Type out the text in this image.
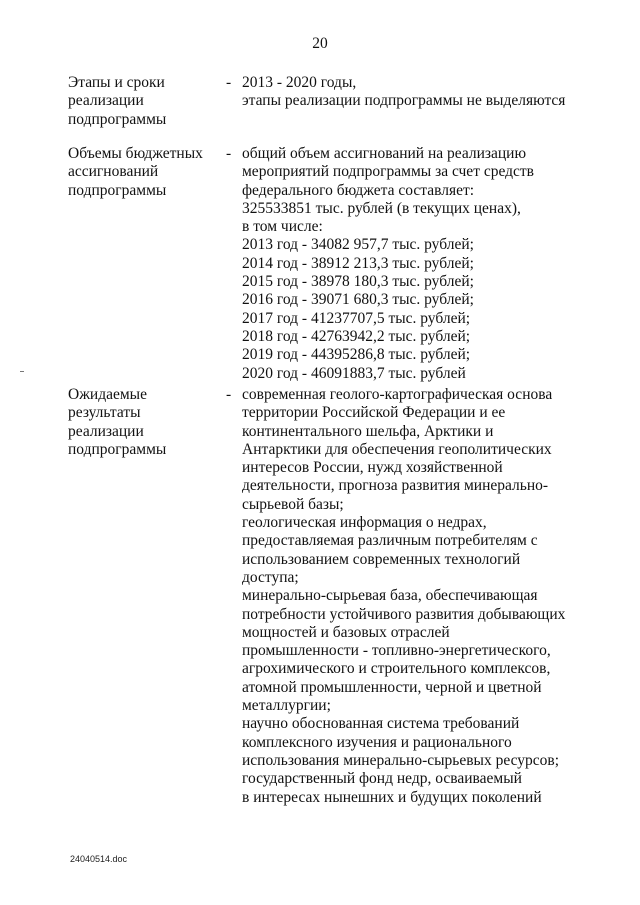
20
Этапы и сроки
реализации
подпрограммы
- 2013 - 2020 годы,
этапы реализации подпрограммы не выделяются
Объемы бюджетных
ассигнований
подпрограммы
- общий объем ассигнований на реализацию
мероприятий подпрограммы за счет средств
федерального бюджета составляет:
325533851 тыс. рублей (в текущих ценах),
в том числе:
2013 год - 34082 957,7 тыс. рублей;
2014 год - 38912 213,3 тыс. рублей;
2015 год - 38978 180,3 тыс. рублей;
2016 год - 39071 680,3 тыс. рублей;
2017 год - 41237707,5 тыс. рублей;
2018 год - 42763942,2 тыс. рублей;
2019 год - 44395286,8 тыс. рублей;
2020 год - 46091883,7 тыс. рублей
Ожидаемые
результаты
реализации
подпрограммы
- современная геолого-картографическая основа
территории Российской Федерации и ее
континентального шельфа, Арктики и
Антарктики для обеспечения геополитических
интересов России, нужд хозяйственной
деятельности, прогноза развития минерально-
сырьевой базы;
геологическая информация о недрах,
предоставляемая различным потребителям с
использованием современных технологий
доступа;
минерально-сырьевая база, обеспечивающая
потребности устойчивого развития добывающих
мощностей и базовых отраслей
промышленности - топливно-энергетического,
агрохимического и строительного комплексов,
атомной промышленности, черной и цветной
металлургии;
научно обоснованная система требований
комплексного изучения и рационального
использования минерально-сырьевых ресурсов;
государственный фонд недр, осваиваемый
в интересах нынешних и будущих поколений
24040514.doc
